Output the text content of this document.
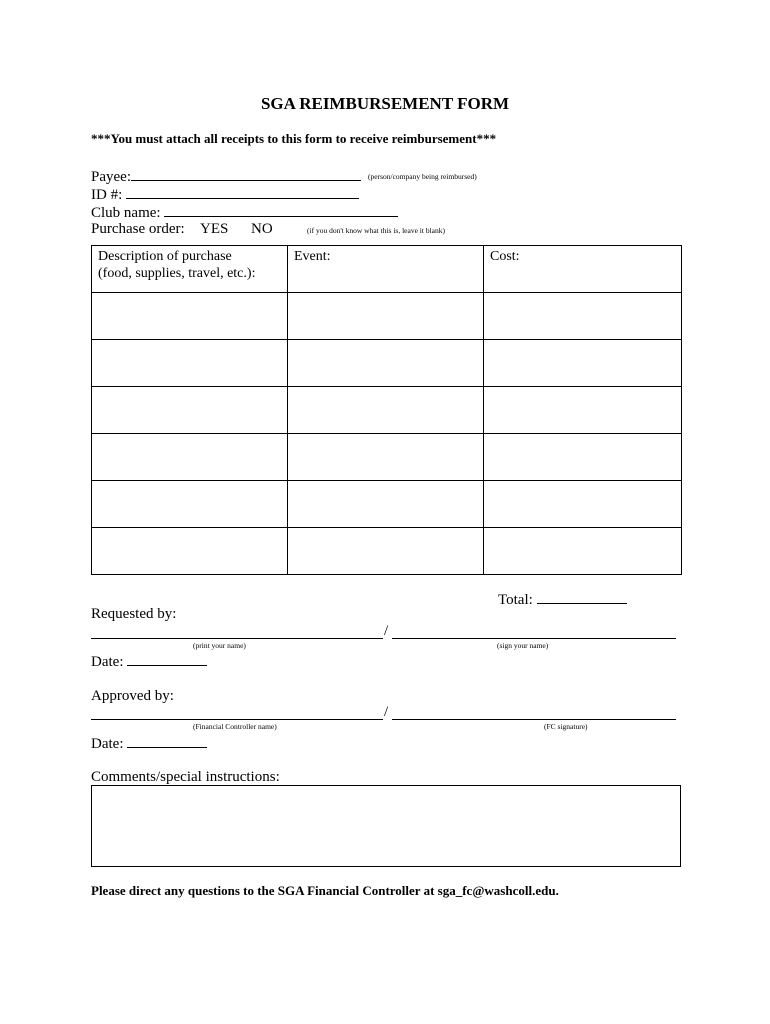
SGA REIMBURSEMENT FORM
***You must attach all receipts to this form to receive reimbursement***
Payee:	(person/company being reimbursed)
ID #:
Club name:
Purchase order: YES NO	(if you don't know what this is, leave it blank)
Description of purchase
(food, supplies, travel, etc.):	Event:	Cost:

Total:
Requested by:
/
(print your name)	(sign your name)
Date:
Approved by:
/
(Financial Controller name)	(FC signature)
Date:
Comments/special instructions:
Please direct any questions to the SGA Financial Controller at sga_fc@washcoll.edu.
